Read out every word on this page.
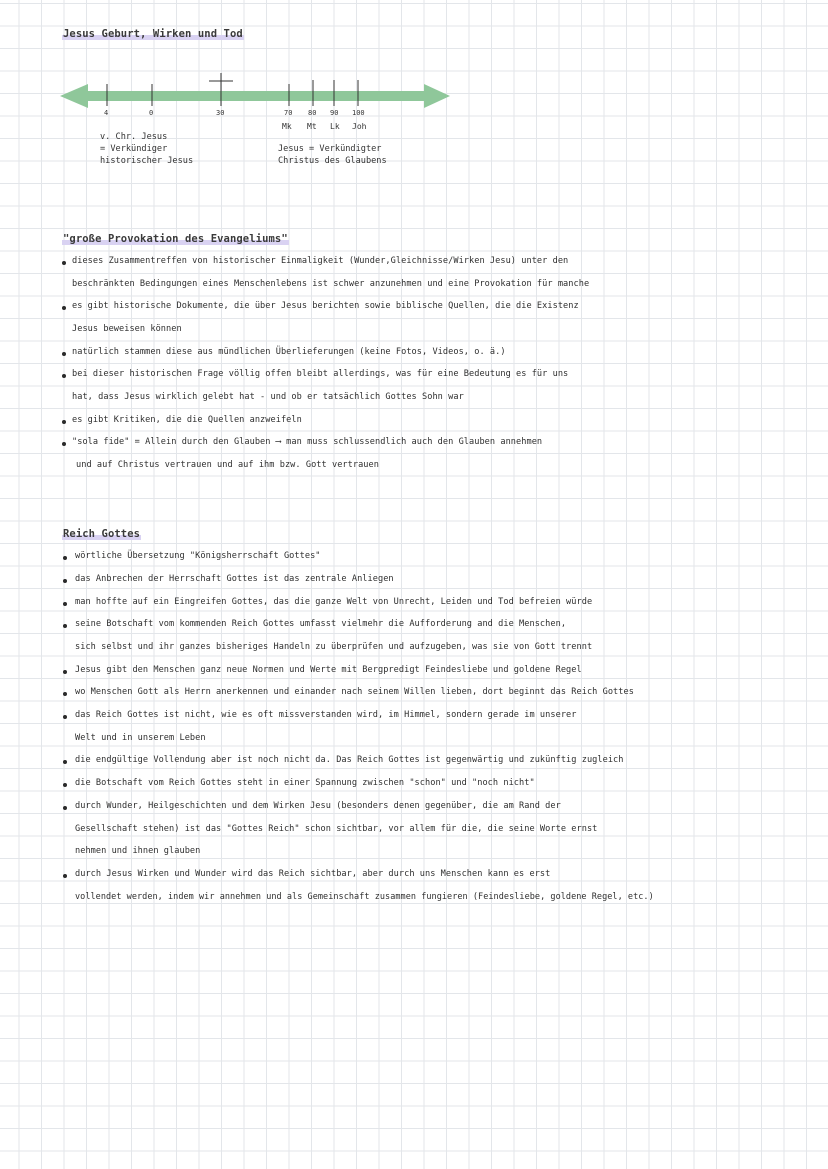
Jesus Geburt, Wirken und Tod
4	0	30	70 80 90 100
Mk Mt Lk Joh
v. Chr. Jesus
= Verkündiger
historischer Jesus
Jesus = Verkündigter
Christus des Glaubens
"große Provokation des Evangeliums"
dieses Zusammentreffen von historischer Einmaligkeit (Wunder,Gleichnisse/Wirken Jesu) unter den
beschränkten Bedingungen eines Menschenlebens ist schwer anzunehmen und eine Provokation für manche
es gibt historische Dokumente, die über Jesus berichten sowie biblische Quellen, die die Existenz
Jesus beweisen können
natürlich stammen diese aus mündlichen Überlieferungen (keine Fotos, Videos, o. ä.)
bei dieser historischen Frage völlig offen bleibt allerdings, was für eine Bedeutung es für uns
hat, dass Jesus wirklich gelebt hat - und ob er tatsächlich Gottes Sohn war
es gibt Kritiken, die die Quellen anzweifeln
"sola fide" = Allein durch den Glauben ⟶ man muss schlussendlich auch den Glauben annehmen
und auf Christus vertrauen und auf ihm bzw. Gott vertrauen
Reich Gottes
wörtliche Übersetzung "Königsherrschaft Gottes"
das Anbrechen der Herrschaft Gottes ist das zentrale Anliegen
man hoffte auf ein Eingreifen Gottes, das die ganze Welt von Unrecht, Leiden und Tod befreien würde
seine Botschaft vom kommenden Reich Gottes umfasst vielmehr die Aufforderung and die Menschen,
sich selbst und ihr ganzes bisheriges Handeln zu überprüfen und aufzugeben, was sie von Gott trennt
Jesus gibt den Menschen ganz neue Normen und Werte mit Bergpredigt Feindesliebe und goldene Regel
wo Menschen Gott als Herrn anerkennen und einander nach seinem Willen lieben, dort beginnt das Reich Gottes
das Reich Gottes ist nicht, wie es oft missverstanden wird, im Himmel, sondern gerade im unserer
Welt und in unserem Leben
die endgültige Vollendung aber ist noch nicht da. Das Reich Gottes ist gegenwärtig und zukünftig zugleich
die Botschaft vom Reich Gottes steht in einer Spannung zwischen "schon" und "noch nicht"
durch Wunder, Heilgeschichten und dem Wirken Jesu (besonders denen gegenüber, die am Rand der
Gesellschaft stehen) ist das "Gottes Reich" schon sichtbar, vor allem für die, die seine Worte ernst
nehmen und ihnen glauben
durch Jesus Wirken und Wunder wird das Reich sichtbar, aber durch uns Menschen kann es erst
vollendet werden, indem wir annehmen und als Gemeinschaft zusammen fungieren (Feindesliebe, goldene Regel, etc.)
